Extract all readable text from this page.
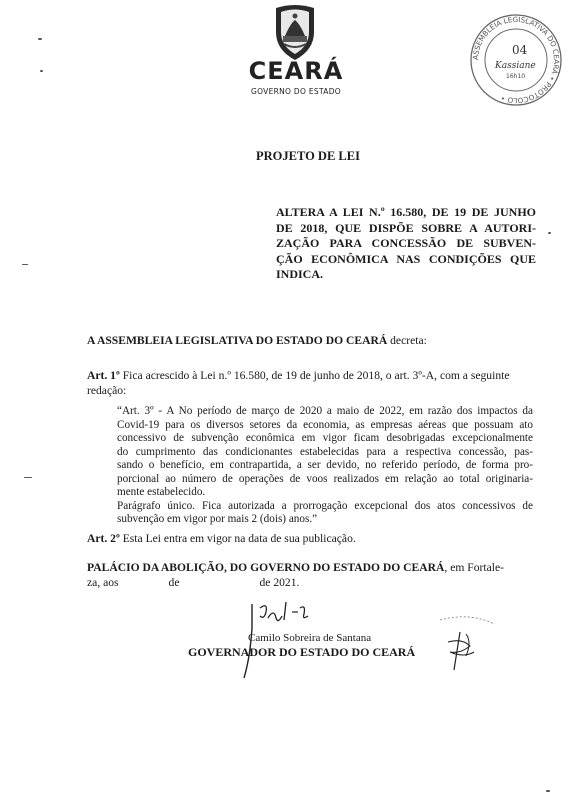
CEARÁ
GOVERNO DO ESTADO
ASSEMBLEIA LEGISLATIVA DO CEARÁ • PROTOCOLO •
04
Kassiane
16h10
PROJETO DE LEI
ALTERA A LEI N.º 16.580, DE 19 DE JUNHO
DE 2018, QUE DISPÕE SOBRE A AUTORI-
ZAÇÃO PARA CONCESSÃO DE SUBVEN-
ÇÃO ECONÔMICA NAS CONDIÇÕES QUE
INDICA.
A ASSEMBLEIA LEGISLATIVA DO ESTADO DO CEARÁ decreta:
Art. 1º Fica acrescido à Lei n.º 16.580, de 19 de junho de 2018, o art. 3º-A, com a seguinte redação:
“Art. 3º - A No período de março de 2020 a maio de 2022, em razão dos impactos da
Covid-19 para os diversos setores da economia, as empresas aéreas que possuam ato
concessivo de subvenção econômica em vigor ficam desobrigadas excepcionalmente
do cumprimento das condicionantes estabelecidas para a respectiva concessão, pas-
sando o benefício, em contrapartida, a ser devido, no referido período, de forma pro-
porcional ao número de operações de voos realizados em relação ao total originaria-
mente estabelecido.
Parágrafo único. Fica autorizada a prorrogação excepcional dos atos concessivos de
subvenção em vigor por mais 2 (dois) anos.”
Art. 2º Esta Lei entra em vigor na data de sua publicação.
PALÁCIO DA ABOLIÇÃO, DO GOVERNO DO ESTADO DO CEARÁ, em Fortale-
za, aos	de	de 2021.
Camilo Sobreira de Santana
GOVERNADOR DO ESTADO DO CEARÁ
